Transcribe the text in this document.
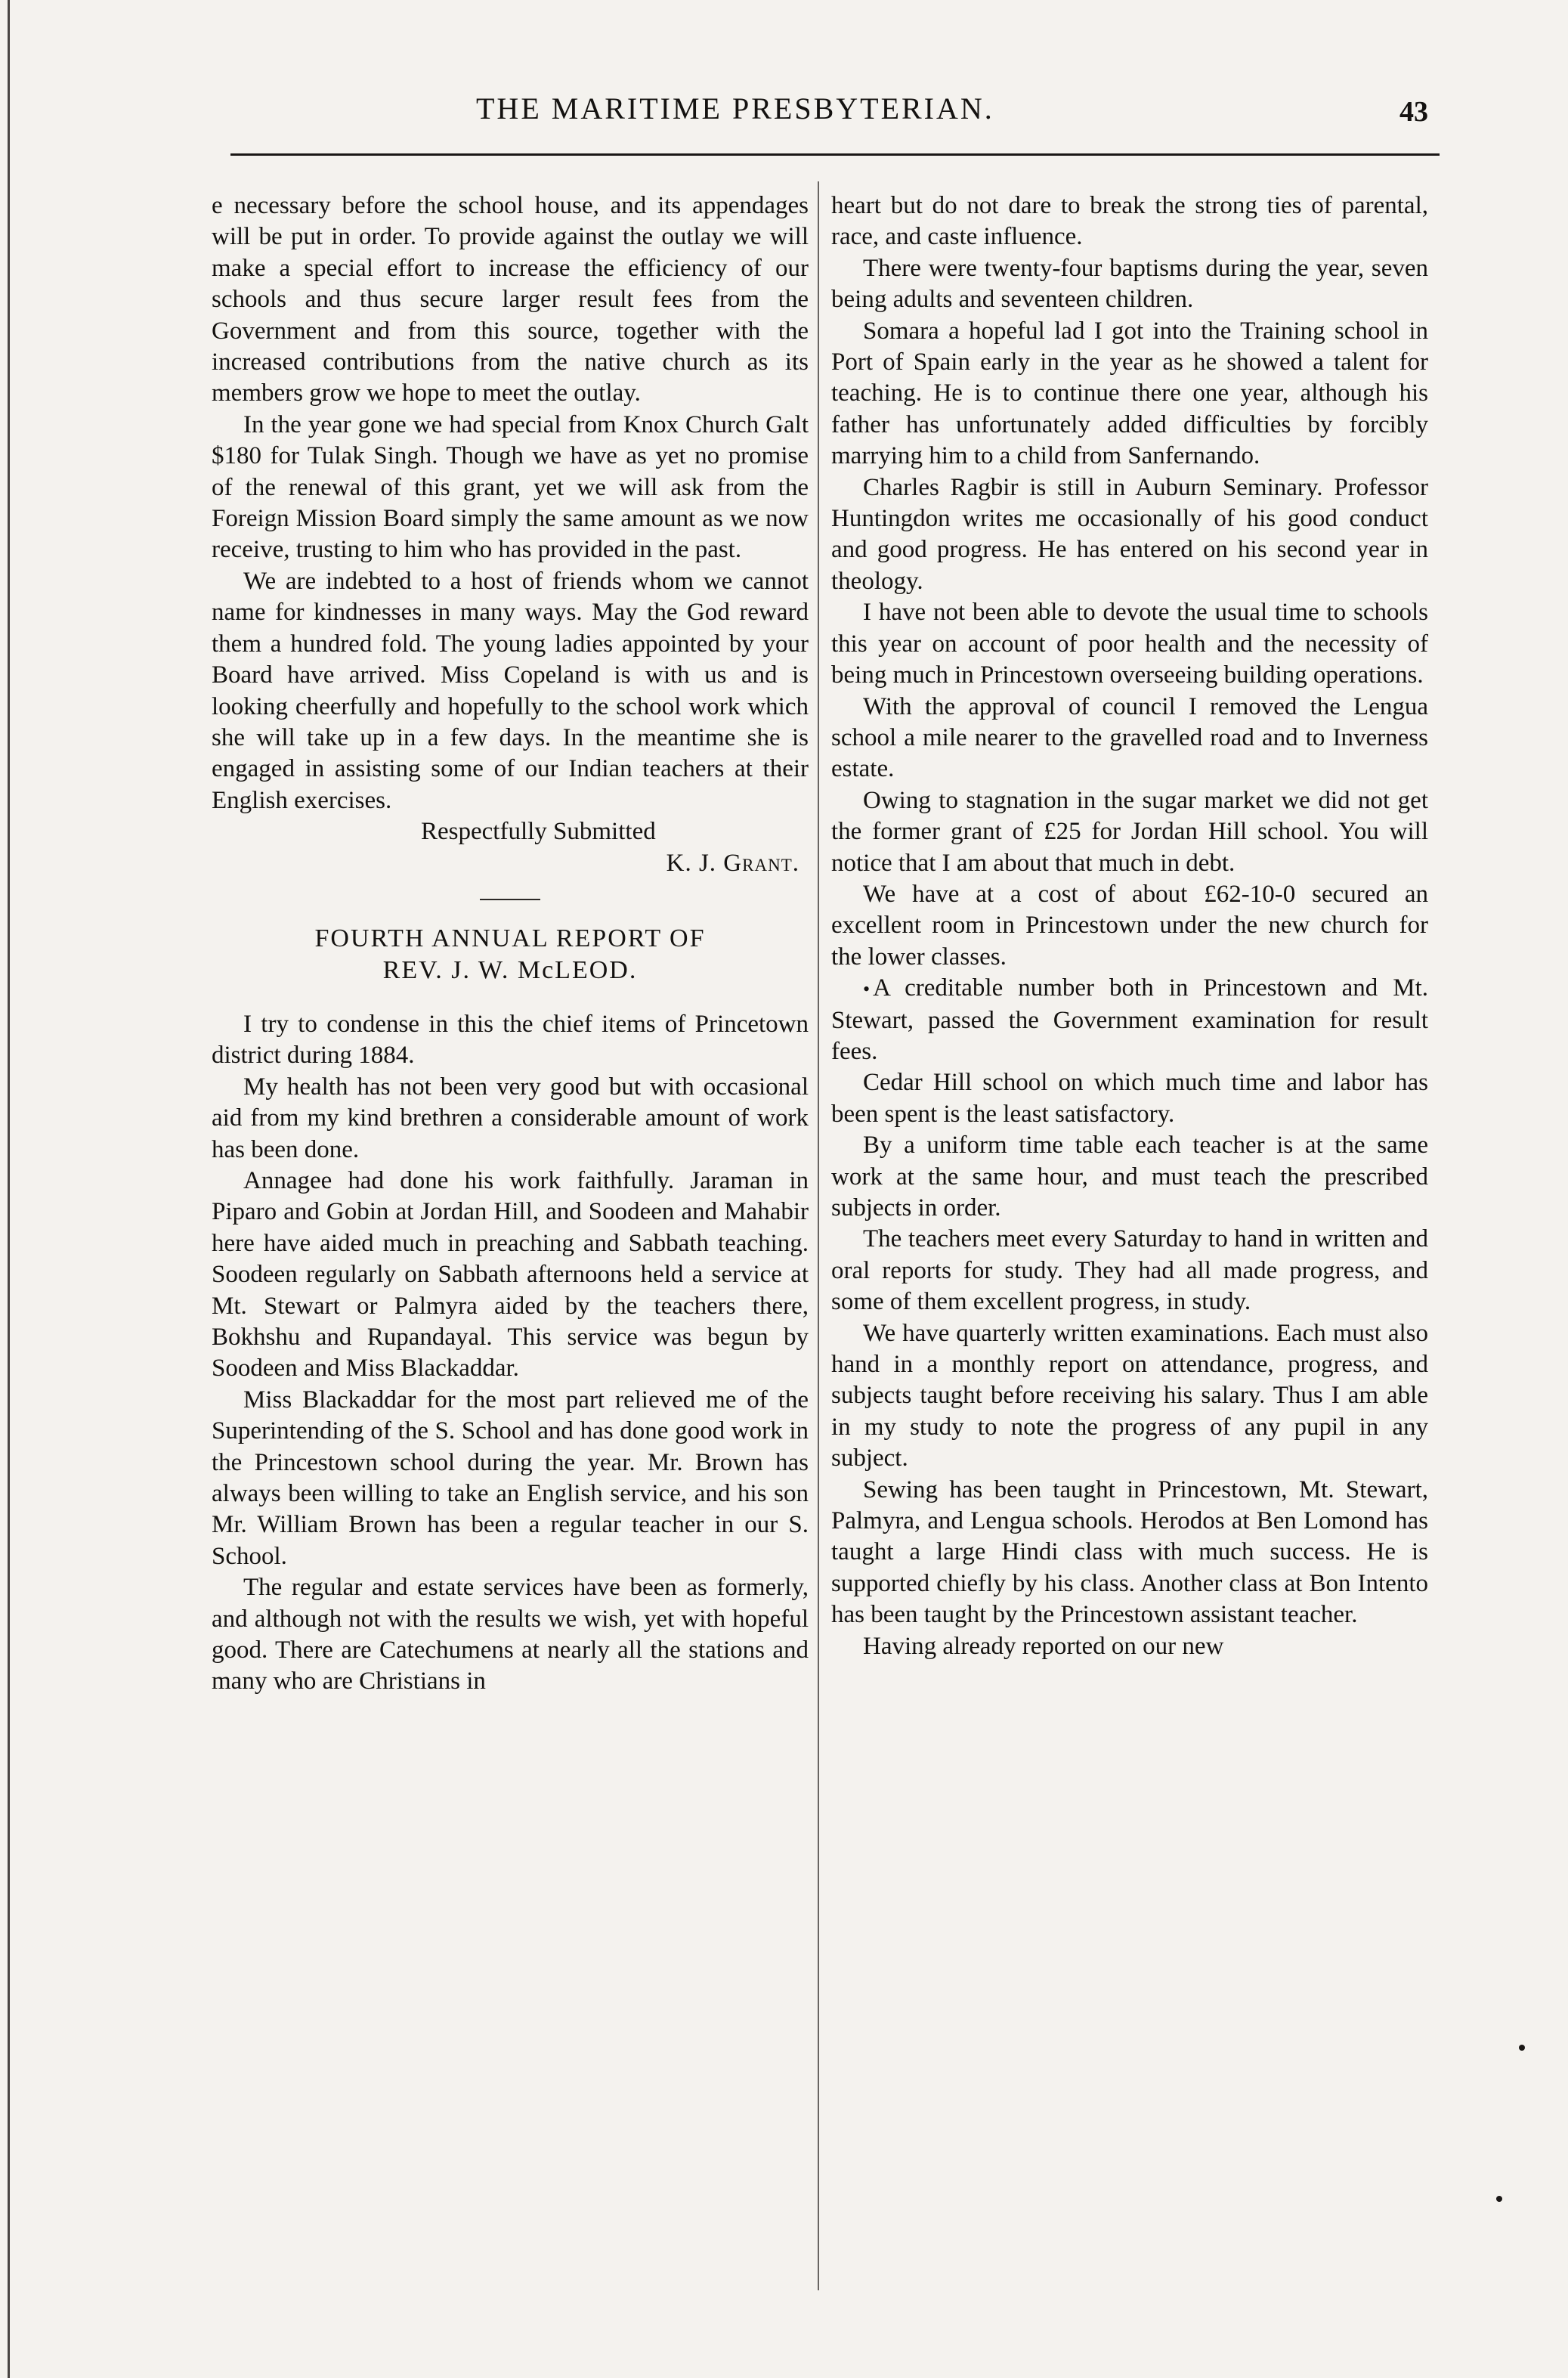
THE MARITIME PRESBYTERIAN.	43

e necessary before the school house, and its appendages will be put in order. To provide against the outlay we will make a special effort to increase the efficiency of our schools and thus secure larger result fees from the Government and from this source, together with the increased contributions from the native church as its members grow we hope to meet the outlay.

In the year gone we had special from Knox Church Galt $180 for Tulak Singh. Though we have as yet no promise of the renewal of this grant, yet we will ask from the Foreign Mission Board simply the same amount as we now receive, trusting to him who has provided in the past.

We are indebted to a host of friends whom we cannot name for kindnesses in many ways. May the God reward them a hundred fold. The young ladies appointed by your Board have arrived. Miss Copeland is with us and is looking cheerfully and hopefully to the school work which she will take up in a few days. In the meantime she is engaged in assisting some of our Indian teachers at their English exercises.

Respectfully Submitted

K. J. Grant.

FOURTH ANNUAL REPORT OF
REV. J. W. McLEOD.

I try to condense in this the chief items of Princetown district during 1884.

My health has not been very good but with occasional aid from my kind brethren a considerable amount of work has been done.

Annagee had done his work faithfully. Jaraman in Piparo and Gobin at Jordan Hill, and Soodeen and Mahabir here have aided much in preaching and Sabbath teaching. Soodeen regularly on Sabbath afternoons held a service at Mt. Stewart or Palmyra aided by the teachers there, Bokhshu and Rupandayal. This service was begun by Soodeen and Miss Blackaddar.

Miss Blackaddar for the most part relieved me of the Superintending of the S. School and has done good work in the Princestown school during the year. Mr. Brown has always been willing to take an English service, and his son Mr. William Brown has been a regular teacher in our S. School.

The regular and estate services have been as formerly, and although not with the results we wish, yet with hopeful good. There are Catechumens at nearly all the stations and many who are Christians in

heart but do not dare to break the strong ties of parental, race, and caste influence.

There were twenty-four baptisms during the year, seven being adults and seventeen children.

Somara a hopeful lad I got into the Training school in Port of Spain early in the year as he showed a talent for teaching. He is to continue there one year, although his father has unfortunately added difficulties by forcibly marrying him to a child from Sanfernando.

Charles Ragbir is still in Auburn Seminary. Professor Huntingdon writes me occasionally of his good conduct and good progress. He has entered on his second year in theology.

I have not been able to devote the usual time to schools this year on account of poor health and the necessity of being much in Princestown overseeing building operations.

With the approval of council I removed the Lengua school a mile nearer to the gravelled road and to Inverness estate.

Owing to stagnation in the sugar market we did not get the former grant of £25 for Jordan Hill school. You will notice that I am about that much in debt.

We have at a cost of about £62-10-0 secured an excellent room in Princestown under the new church for the lower classes.

• A creditable number both in Princestown and Mt. Stewart, passed the Government examination for result fees.

Cedar Hill school on which much time and labor has been spent is the least satisfactory.

By a uniform time table each teacher is at the same work at the same hour, and must teach the prescribed subjects in order.

The teachers meet every Saturday to hand in written and oral reports for study. They had all made progress, and some of them excellent progress, in study.

We have quarterly written examinations. Each must also hand in a monthly report on attendance, progress, and subjects taught before receiving his salary. Thus I am able in my study to note the progress of any pupil in any subject.

Sewing has been taught in Princestown, Mt. Stewart, Palmyra, and Lengua schools. Herodos at Ben Lomond has taught a large Hindi class with much success. He is supported chiefly by his class. Another class at Bon Intento has been taught by the Princestown assistant teacher.

Having already reported on our new
